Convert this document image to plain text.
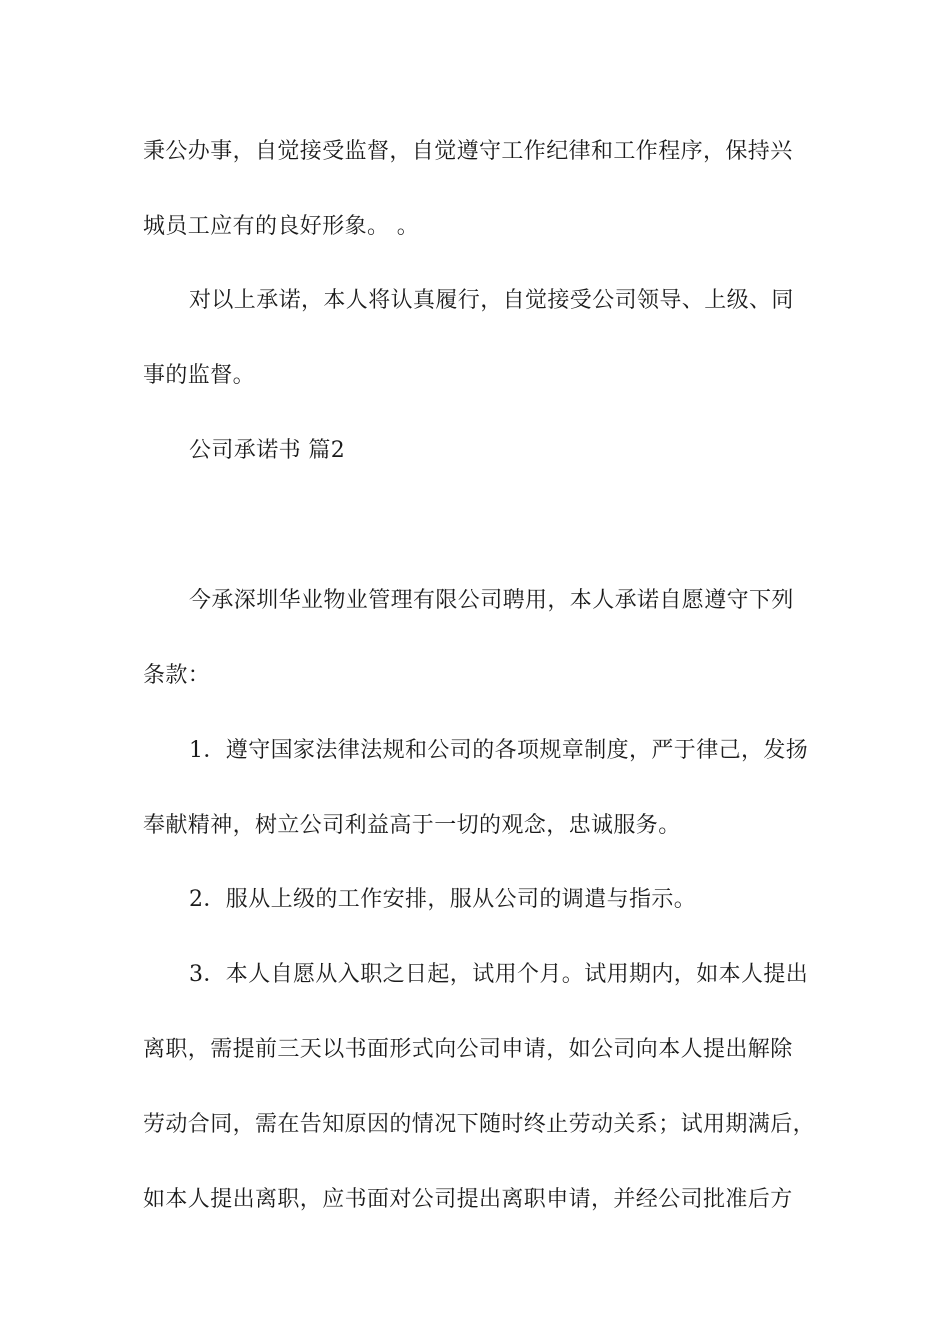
秉公办事，自觉接受监督，自觉遵守工作纪律和工作程序，保持兴
城员工应有的良好形象。 。
对以上承诺，本人将认真履行，自觉接受公司领导、上级、同
事的监督。
公司承诺书 篇2
今承深圳华业物业管理有限公司聘用，本人承诺自愿遵守下列
条款：
1．遵守国家法律法规和公司的各项规章制度，严于律己，发扬
奉献精神，树立公司利益高于一切的观念，忠诚服务。
2．服从上级的工作安排，服从公司的调遣与指示。
3．本人自愿从入职之日起，试用个月。试用期内，如本人提出
离职，需提前三天以书面形式向公司申请，如公司向本人提出解除
劳动合同，需在告知原因的情况下随时终止劳动关系；试用期满后，
如本人提出离职，应书面对公司提出离职申请，并经公司批准后方
